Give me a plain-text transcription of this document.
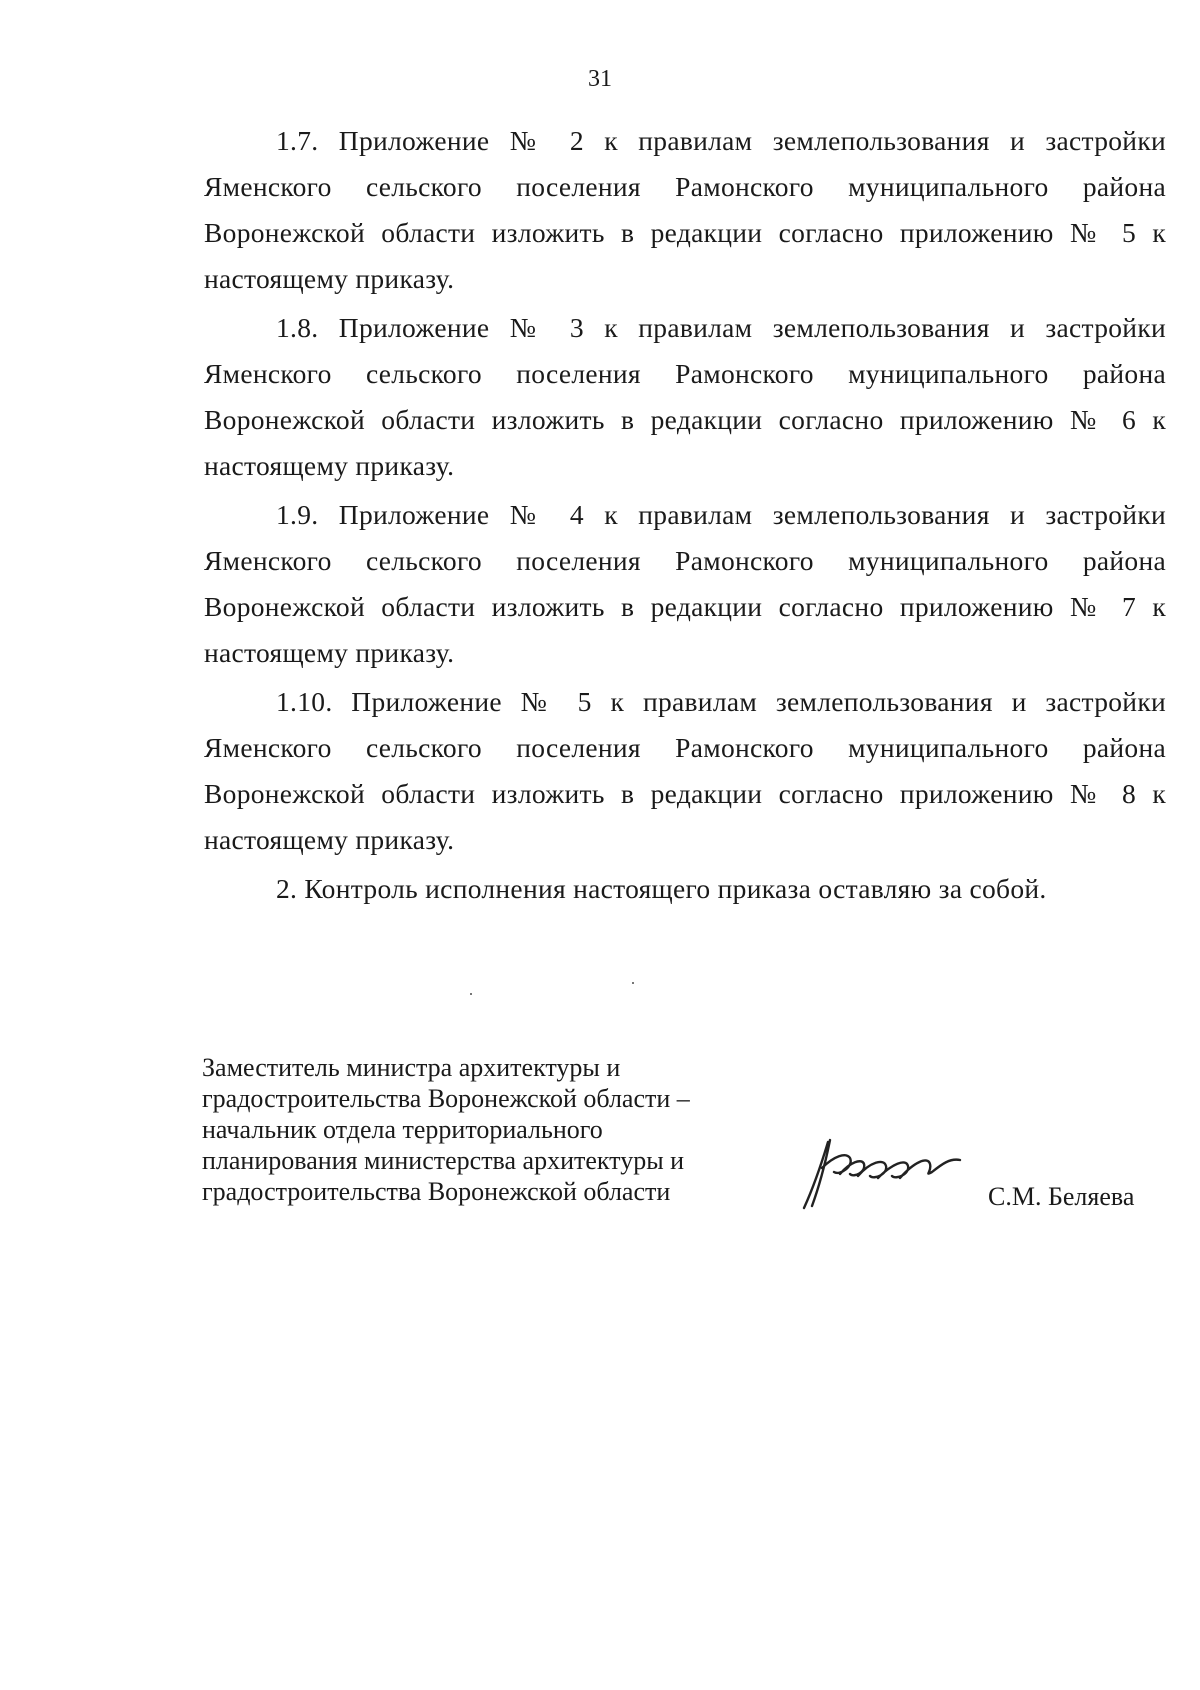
31

1.7. Приложение № 2 к правилам землепользования и застройки Яменского сельского поселения Рамонского муниципального района Воронежской области изложить в редакции согласно приложению № 5 к настоящему приказу.

1.8. Приложение № 3 к правилам землепользования и застройки Яменского сельского поселения Рамонского муниципального района Воронежской области изложить в редакции согласно приложению № 6 к настоящему приказу.

1.9. Приложение № 4 к правилам землепользования и застройки Яменского сельского поселения Рамонского муниципального района Воронежской области изложить в редакции согласно приложению № 7 к настоящему приказу.

1.10. Приложение № 5 к правилам землепользования и застройки Яменского сельского поселения Рамонского муниципального района Воронежской области изложить в редакции согласно приложению № 8 к настоящему приказу.

2. Контроль исполнения настоящего приказа оставляю за собой.

Заместитель министра архитектуры и
градостроительства Воронежской области –
начальник отдела территориального
планирования министерства архитектуры и
градостроительства Воронежской области	С.М. Беляева
